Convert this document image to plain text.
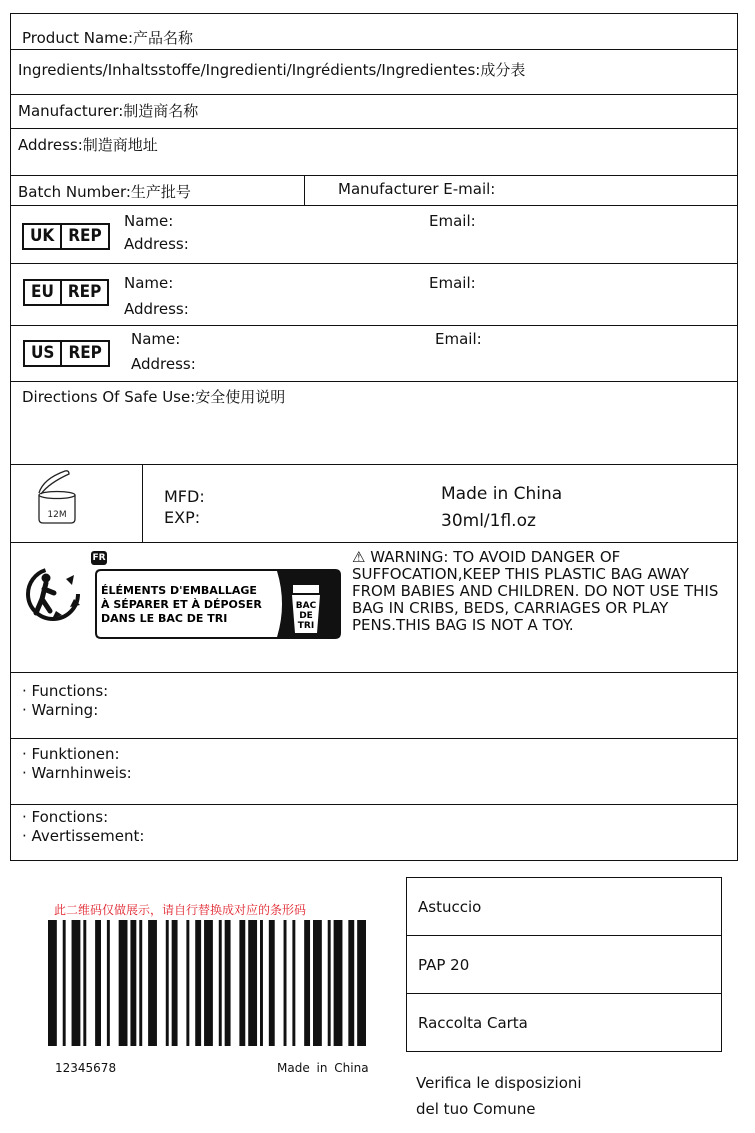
Product Name:产品名称
Ingredients/Inhaltsstoffe/Ingredienti/Ingrédients/Ingredientes:成分表
Manufacturer:制造商名称
Address:制造商地址
Batch Number:生产批号	Manufacturer E-mail:
UK REP
Name:
Address:
Email:
EU REP	Name:
Address:
Email:
US REP
Name:
Address:
Email:
Directions Of Safe Use:安全使用说明
12M
MFD:
EXP:
Made in China
30ml/1fl.oz
FR
ÉLÉMENTS D'EMBALLAGE
À SÉPARER ET À DÉPOSER
DANS LE BAC DE TRI
BAC
DE
TRI
⚠ WARNING: TO AVOID DANGER OF SUFFOCATION,KEEP THIS PLASTIC BAG AWAY FROM BABIES AND CHILDREN. DO NOT USE THIS BAG IN CRIBS, BEDS, CARRIAGES OR PLAY PENS.THIS BAG IS NOT A TOY.
· Functions:
· Warning:
· Funktionen:
· Warnhinweis:
· Fonctions:
· Avertissement:
此二维码仅做展示，请自行替换成对应的条形码
12345678	Made in China
Astuccio
PAP 20
Raccolta Carta
Verifica le disposizioni
del tuo Comune
